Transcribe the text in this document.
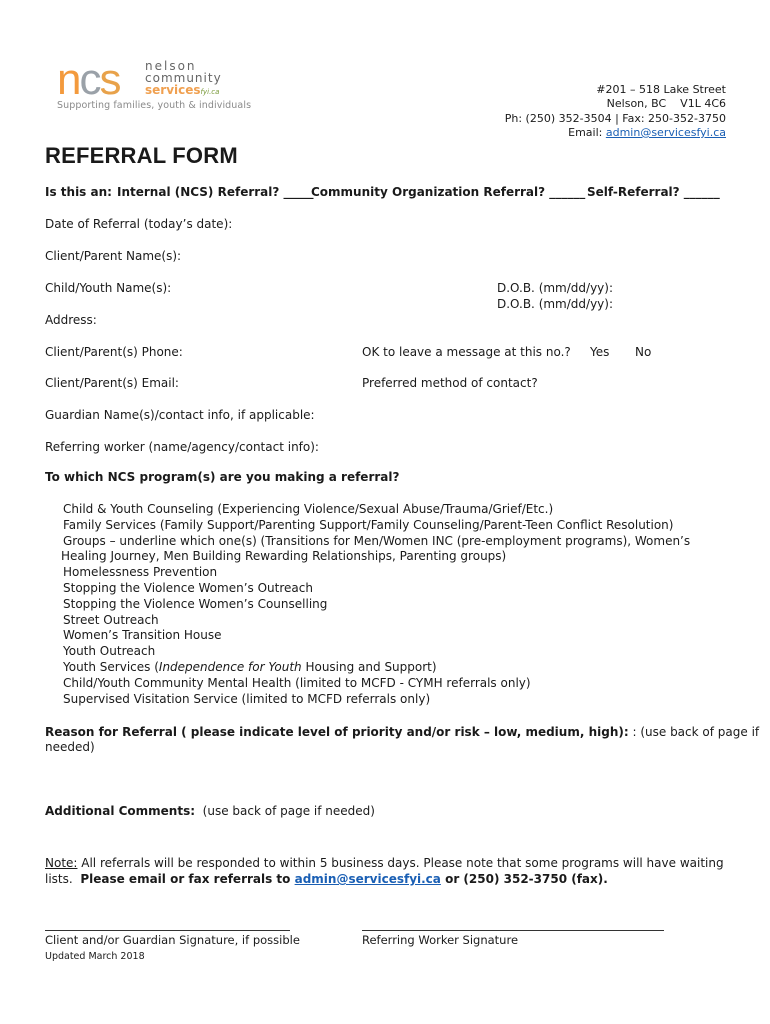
ncs nelson
community
servicesfyi.ca
Supporting families, youth & individuals
#201 – 518 Lake Street
Nelson, BC    V1L 4C6
Ph: (250) 352-3504 | Fax: 250-352-3750
Email: admin@servicesfyi.ca
REFERRAL FORM
Is this an: Internal (NCS) Referral? _____
Community Organization Referral? ______ Self-Referral? ______
Date of Referral (today’s date):
Client/Parent Name(s):
Child/Youth Name(s):	D.O.B. (mm/dd/yy):
D.O.B. (mm/dd/yy):
Address:
Client/Parent(s) Phone:	OK to leave a message at this no.? Yes No
Client/Parent(s) Email:	Preferred method of contact?
Guardian Name(s)/contact info, if applicable:
Referring worker (name/agency/contact info):
To which NCS program(s) are you making a referral?
Child & Youth Counseling (Experiencing Violence/Sexual Abuse/Trauma/Grief/Etc.)
Family Services (Family Support/Parenting Support/Family Counseling/Parent-Teen Conflict Resolution)
Groups – underline which one(s) (Transitions for Men/Women INC (pre-employment programs), Women’s
Healing Journey, Men Building Rewarding Relationships, Parenting groups)
Homelessness Prevention
Stopping the Violence Women’s Outreach
Stopping the Violence Women’s Counselling
Street Outreach
Women’s Transition House
Youth Outreach
Youth Services (Independence for Youth Housing and Support)
Child/Youth Community Mental Health (limited to MCFD - CYMH referrals only)
Supervised Visitation Service (limited to MCFD referrals only)
Reason for Referral ( please indicate level of priority and/or risk – low, medium, high): : (use back of page if
needed)
Additional Comments: (use back of page if needed)
Note: All referrals will be responded to within 5 business days. Please note that some programs will have waiting
lists.  Please email or fax referrals to admin@servicesfyi.ca or (250) 352-3750 (fax).
Client and/or Guardian Signature, if possible	Referring Worker Signature
Updated March 2018
